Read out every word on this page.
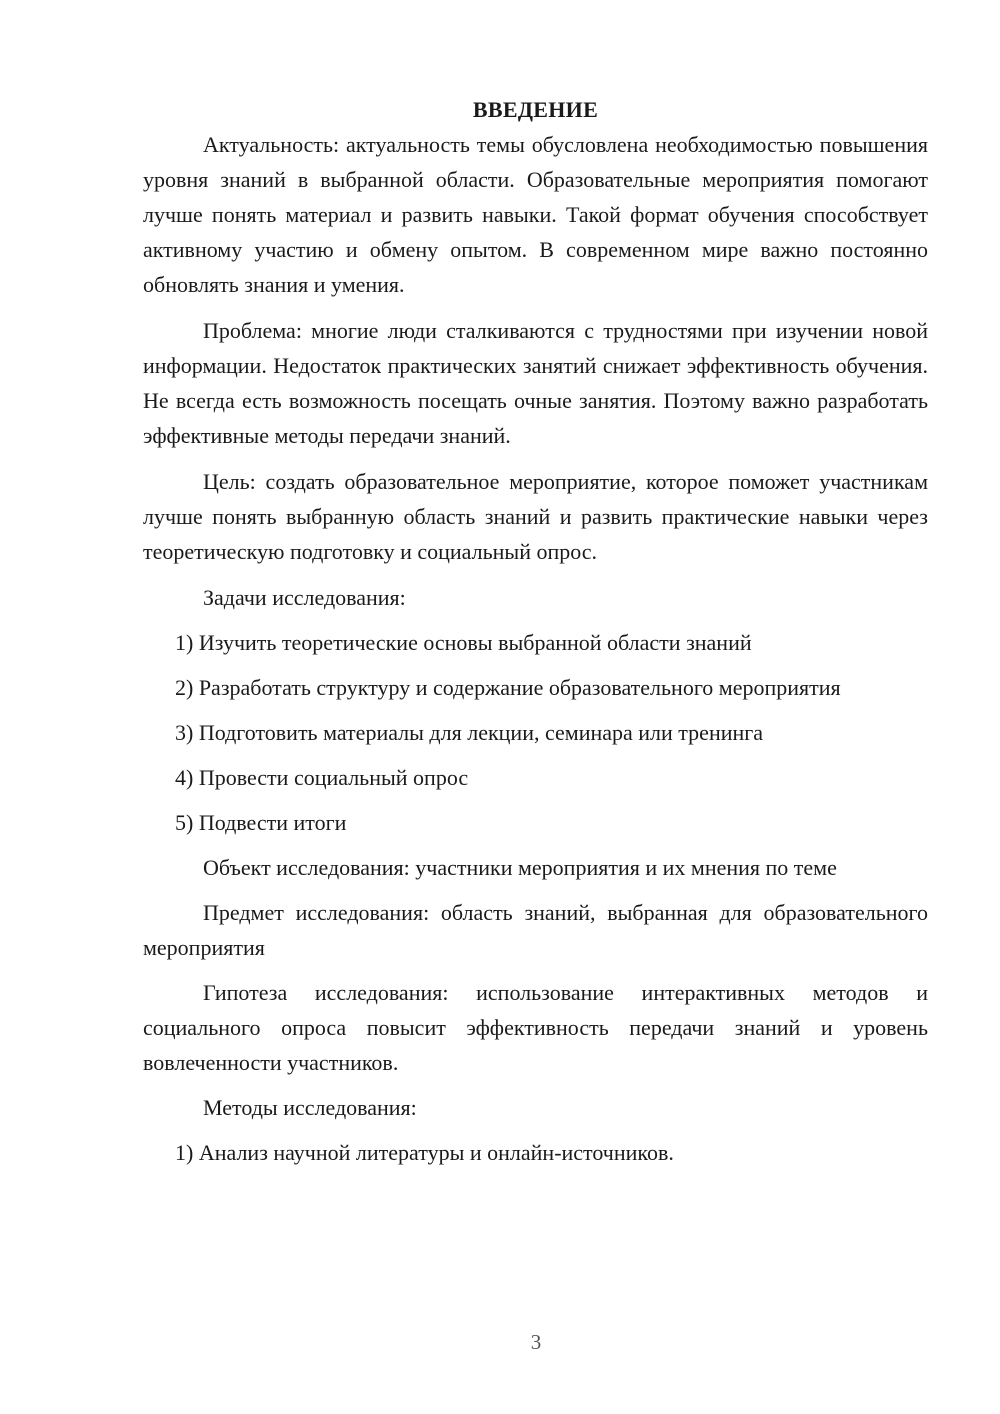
ВВЕДЕНИЕ

Актуальность: актуальность темы обусловлена необходимостью повышения уровня знаний в выбранной области. Образовательные мероприятия помогают лучше понять материал и развить навыки. Такой формат обучения способствует активному участию и обмену опытом. В современном мире важно постоянно обновлять знания и умения.

Проблема: многие люди сталкиваются с трудностями при изучении новой информации. Недостаток практических занятий снижает эффективность обучения. Не всегда есть возможность посещать очные занятия. Поэтому важно разработать эффективные методы передачи знаний.

Цель: создать образовательное мероприятие, которое поможет участникам лучше понять выбранную область знаний и развить практические навыки через теоретическую подготовку и социальный опрос.

Задачи исследования:

1) Изучить теоретические основы выбранной области знаний

2) Разработать структуру и содержание образовательного мероприятия

3) Подготовить материалы для лекции, семинара или тренинга

4) Провести социальный опрос

5) Подвести итоги

Объект исследования: участники мероприятия и их мнения по теме

Предмет исследования: область знаний, выбранная для образовательного мероприятия

Гипотеза исследования: использование интерактивных методов и социального опроса повысит эффективность передачи знаний и уровень вовлеченности участников.

Методы исследования:

1) Анализ научной литературы и онлайн-источников.

3
